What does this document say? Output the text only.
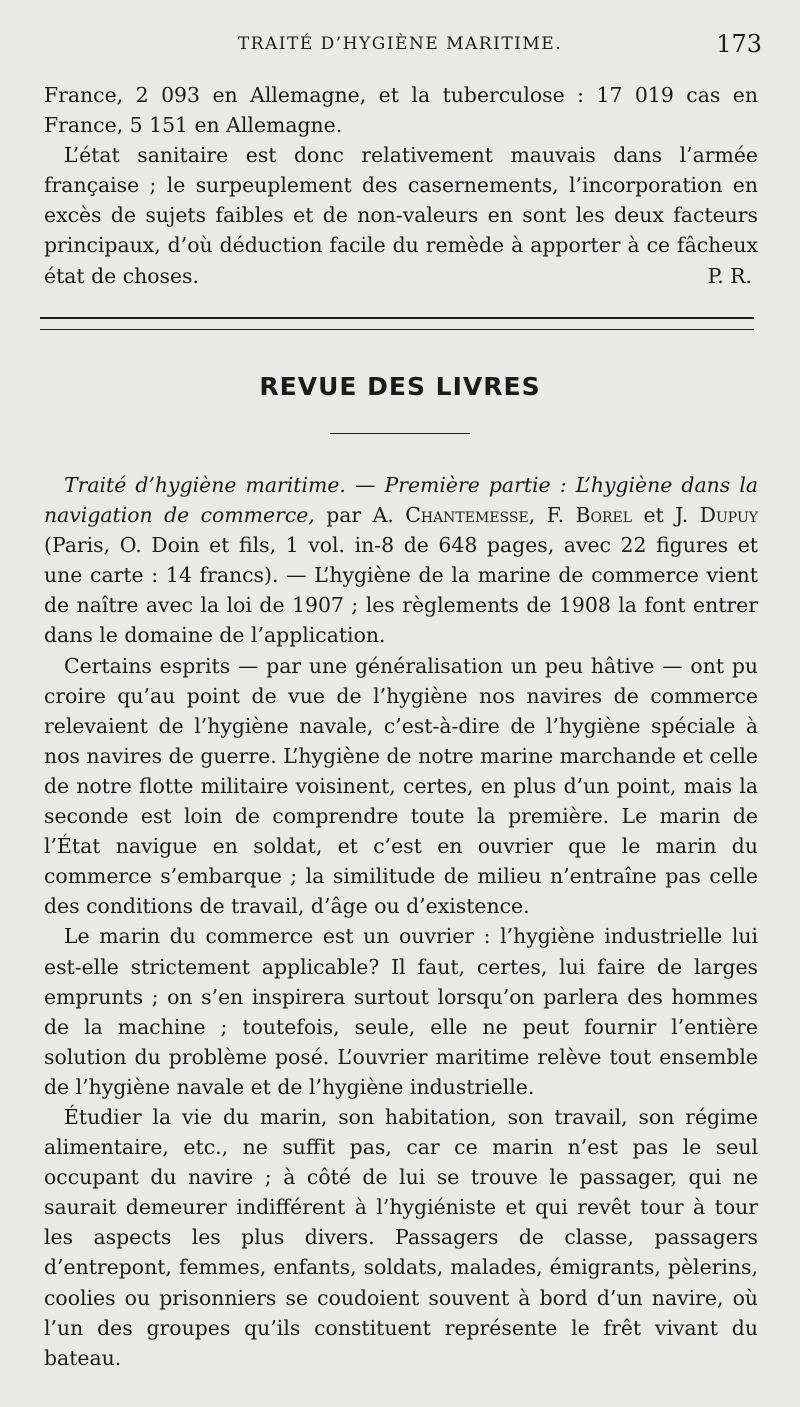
TRAITÉ D’HYGIÈNE MARITIME.	173

France, 2 093 en Allemagne, et la tuberculose : 17 019 cas en France, 5 151 en Allemagne.

L’état sanitaire est donc relativement mauvais dans l’armée française ; le surpeuplement des casernements, l’incorporation en excès de sujets faibles et de non-valeurs en sont les deux facteurs principaux, d’où déduction facile du remède à apporter à ce fâcheux état de choses.	P. R.

REVUE DES LIVRES

Traité d’hygiène maritime. — Première partie : L’hygiène dans la navigation de commerce, par A. Chantemesse, F. Borel et J. Dupuy (Paris, O. Doin et fils, 1 vol. in-8 de 648 pages, avec 22 figures et une carte : 14 francs). — L’hygiène de la marine de commerce vient de naître avec la loi de 1907 ; les règlements de 1908 la font entrer dans le domaine de l’application.

Certains esprits — par une généralisation un peu hâtive — ont pu croire qu’au point de vue de l’hygiène nos navires de commerce relevaient de l’hygiène navale, c’est-à-dire de l’hygiène spéciale à nos navires de guerre. L’hygiène de notre marine marchande et celle de notre flotte militaire voisinent, certes, en plus d’un point, mais la seconde est loin de comprendre toute la première. Le marin de l’État navigue en soldat, et c’est en ouvrier que le marin du commerce s’embarque ; la similitude de milieu n’entraîne pas celle des conditions de travail, d’âge ou d’existence.

Le marin du commerce est un ouvrier : l’hygiène industrielle lui est-elle strictement applicable? Il faut, certes, lui faire de larges emprunts ; on s’en inspirera surtout lorsqu’on parlera des hommes de la machine ; toutefois, seule, elle ne peut fournir l’entière solution du problème posé. L’ouvrier maritime relève tout ensemble de l’hygiène navale et de l’hygiène industrielle.

Étudier la vie du marin, son habitation, son travail, son régime alimentaire, etc., ne suffit pas, car ce marin n’est pas le seul occupant du navire ; à côté de lui se trouve le passager, qui ne saurait demeurer indifférent à l’hygiéniste et qui revêt tour à tour les aspects les plus divers. Passagers de classe, passagers d’entrepont, femmes, enfants, soldats, malades, émigrants, pèlerins, coolies ou prisonniers se coudoient souvent à bord d’un navire, où l’un des groupes qu’ils constituent représente le frêt vivant du bateau.
